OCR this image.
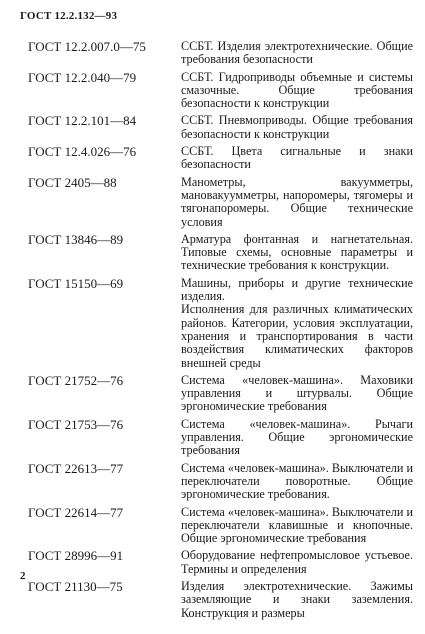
ГОСТ 12.2.132—93
ГОСТ 12.2.007.0—75	ССБТ. Изделия электротехнические. Общие требования безопасности

ГОСТ 12.2.040—79	ССБТ. Гидроприводы объемные и системы смазочные. Общие требования безопасности к конструкции

ГОСТ 12.2.101—84	ССБТ. Пневмоприводы. Общие требования безопасности к конструкции

ГОСТ 12.4.026—76	ССБТ. Цвета сигнальные и знаки безопасности

ГОСТ 2405—88	Манометры, вакуумметры, мановакуумметры, напоромеры, тягомеры и тягонапоромеры. Общие технические условия

ГОСТ 13846—89	Арматура фонтанная и нагнетательная. Типовые схемы, основные параметры и технические требования к конструкции.

ГОСТ 15150—69	Машины, приборы и другие технические изделия.

Исполнения для различных климатических районов. Категории, условия эксплуатации, хранения и транспортирования в части воздействия климатических факторов внешней среды

ГОСТ 21752—76	Система «человек-машина». Маховики управления и штурвалы. Общие эргономические требования

ГОСТ 21753—76	Система «человек-машина». Рычаги управления. Общие эргономические требования

ГОСТ 22613—77	Система «человек-машина». Выключатели и переключатели поворотные. Общие эргономические требования.

ГОСТ 22614—77	Система «человек-машина». Выключатели и переключатели клавишные и кнопочные. Общие эргономические требования

ГОСТ 28996—91	Оборудование нефтепромысловое устьевое. Термины и определения

ГОСТ 21130—75	Изделия электротехнические. Зажимы заземляющие и знаки заземления. Конструкция и размеры

2
